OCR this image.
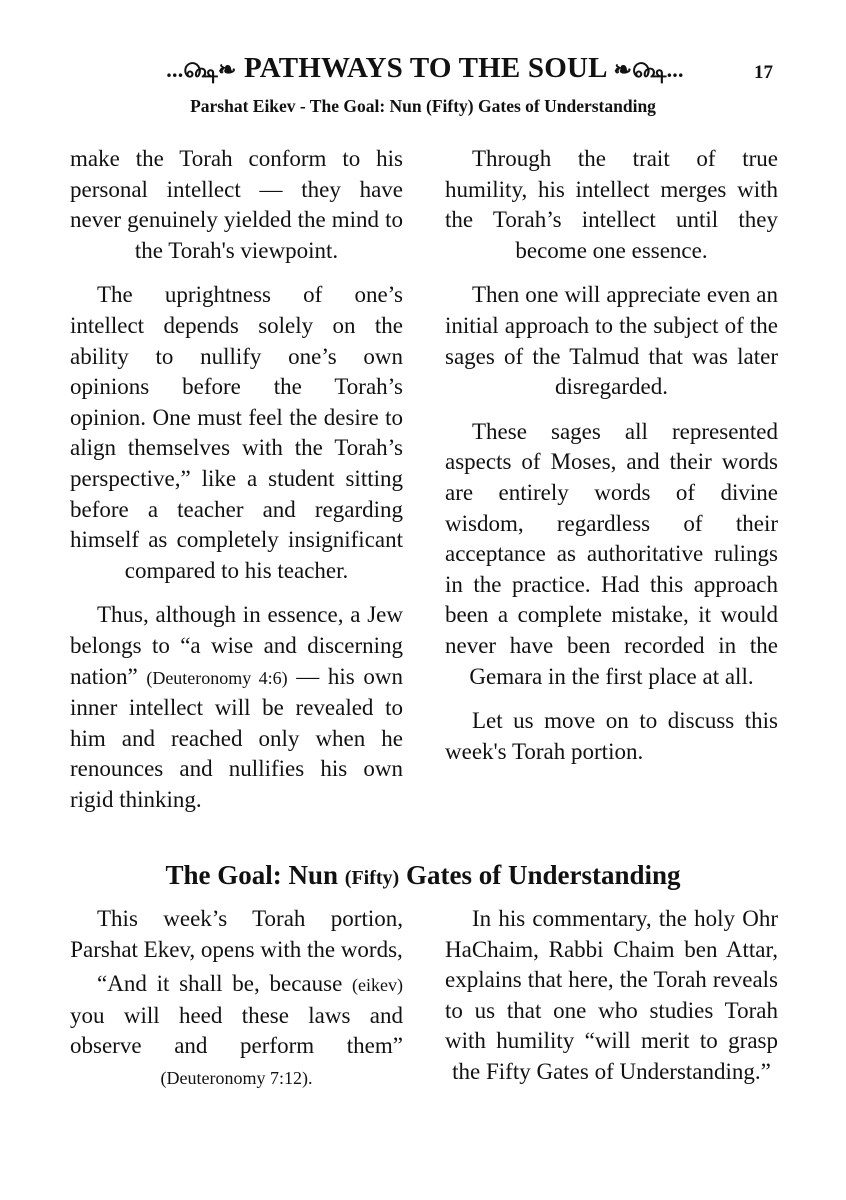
...௸❧ PATHWAYS TO THE SOUL ❧௸...	17
Parshat Eikev - The Goal: Nun (Fifty) Gates of Understanding

make the Torah conform to his personal intellect — they have never genuinely yielded the mind to the Torah's viewpoint.

The uprightness of one’s intellect depends solely on the ability to nullify one’s own opinions before the Torah’s opinion. One must feel the desire to align themselves with the Torah’s perspective,” like a student sitting before a teacher and regarding himself as completely insignificant compared to his teacher.

Thus, although in essence, a Jew belongs to “a wise and discerning nation” (Deuteronomy 4:6) — his own inner intellect will be revealed to him and reached only when he renounces and nullifies his own rigid thinking.

Through the trait of true humility, his intellect merges with the Torah’s intellect until they become one essence.

Then one will appreciate even an initial approach to the subject of the sages of the Talmud that was later disregarded.

These sages all represented aspects of Moses, and their words are entirely words of divine wisdom, regardless of their acceptance as authoritative rulings in the practice. Had this approach been a complete mistake, it would never have been recorded in the Gemara in the first place at all.

Let us move on to discuss this week's Torah portion.

The Goal: Nun (Fifty) Gates of Understanding

This week’s Torah portion, Parshat Ekev, opens with the words,

“And it shall be, because (eikev) you will heed these laws and observe and perform them” (Deuteronomy 7:12).

In his commentary, the holy Ohr HaChaim, Rabbi Chaim ben Attar, explains that here, the Torah reveals to us that one who studies Torah with humility “will merit to grasp the Fifty Gates of Understanding.”
